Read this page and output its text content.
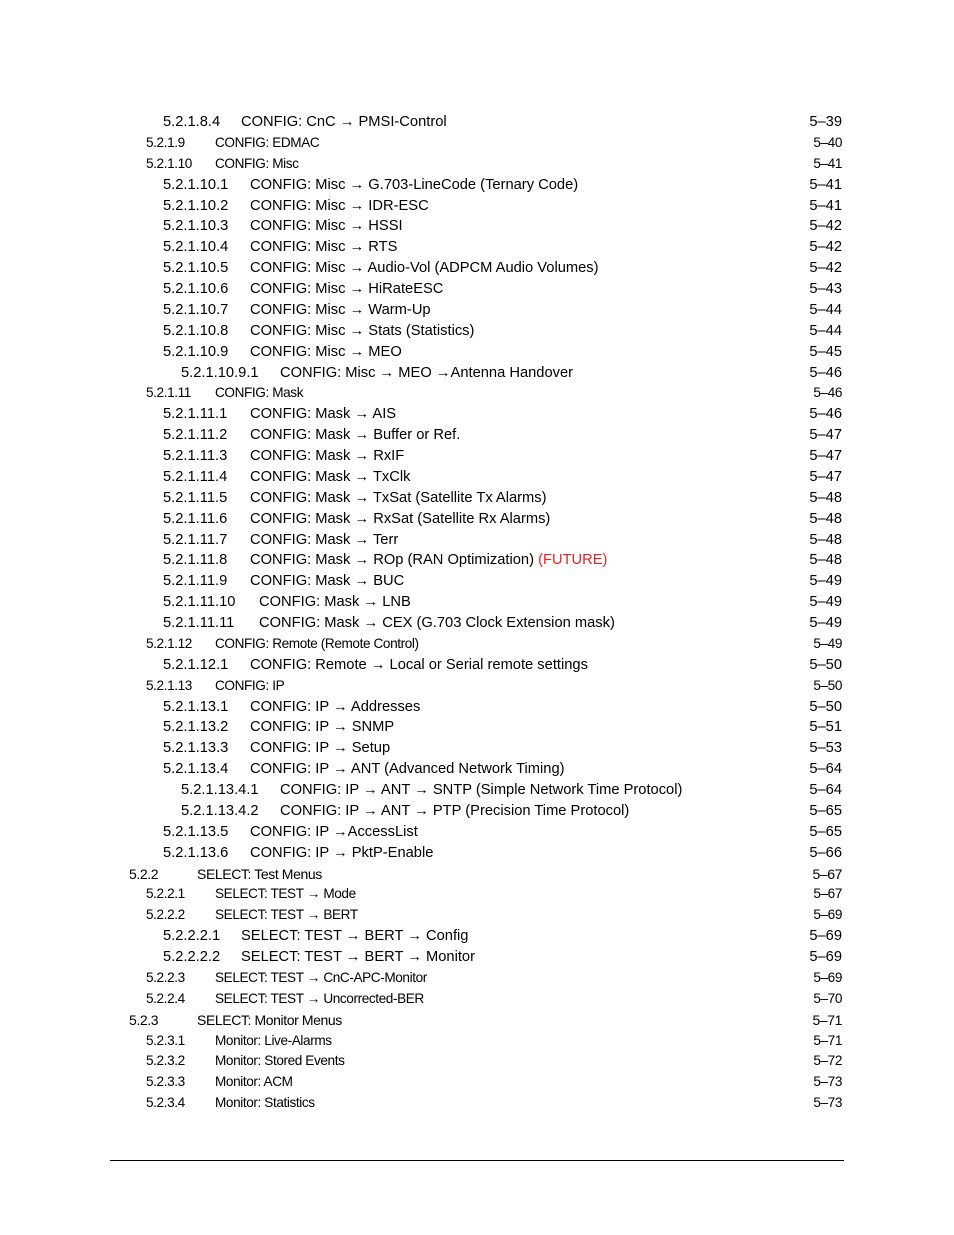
5.2.1.8.4 CONFIG: CnC → PMSI-Control	5–39
5.2.1.9 CONFIG: EDMAC	5–40
5.2.1.10 CONFIG: Misc	5–41
5.2.1.10.1 CONFIG: Misc → G.703-LineCode (Ternary Code)	5–41
5.2.1.10.2 CONFIG: Misc → IDR-ESC	5–41
5.2.1.10.3 CONFIG: Misc → HSSI	5–42
5.2.1.10.4 CONFIG: Misc → RTS	5–42
5.2.1.10.5 CONFIG: Misc → Audio-Vol (ADPCM Audio Volumes)	5–42
5.2.1.10.6 CONFIG: Misc → HiRateESC	5–43
5.2.1.10.7 CONFIG: Misc → Warm-Up	5–44
5.2.1.10.8 CONFIG: Misc → Stats (Statistics)	5–44
5.2.1.10.9 CONFIG: Misc → MEO	5–45
5.2.1.10.9.1 CONFIG: Misc → MEO →Antenna Handover	5–46
5.2.1.11 CONFIG: Mask	5–46
5.2.1.11.1 CONFIG: Mask → AIS	5–46
5.2.1.11.2 CONFIG: Mask → Buffer or Ref.	5–47
5.2.1.11.3 CONFIG: Mask → RxIF	5–47
5.2.1.11.4 CONFIG: Mask → TxClk	5–47
5.2.1.11.5 CONFIG: Mask → TxSat (Satellite Tx Alarms)	5–48
5.2.1.11.6 CONFIG: Mask → RxSat (Satellite Rx Alarms)	5–48
5.2.1.11.7 CONFIG: Mask → Terr	5–48
5.2.1.11.8 CONFIG: Mask → ROp (RAN Optimization) (FUTURE)	5–48
5.2.1.11.9 CONFIG: Mask → BUC	5–49
5.2.1.11.10 CONFIG: Mask → LNB	5–49
5.2.1.11.11 CONFIG: Mask → CEX (G.703 Clock Extension mask)	5–49
5.2.1.12 CONFIG: Remote (Remote Control)	5–49
5.2.1.12.1 CONFIG: Remote → Local or Serial remote settings	5–50
5.2.1.13 CONFIG: IP	5–50
5.2.1.13.1 CONFIG: IP → Addresses	5–50
5.2.1.13.2 CONFIG: IP → SNMP	5–51
5.2.1.13.3 CONFIG: IP → Setup	5–53
5.2.1.13.4 CONFIG: IP → ANT (Advanced Network Timing)	5–64
5.2.1.13.4.1 CONFIG: IP → ANT → SNTP (Simple Network Time Protocol)	5–64
5.2.1.13.4.2 CONFIG: IP → ANT → PTP (Precision Time Protocol)	5–65
5.2.1.13.5 CONFIG: IP →AccessList	5–65
5.2.1.13.6 CONFIG: IP → PktP-Enable	5–66
5.2.2	SELECT: Test Menus	5–67
5.2.2.1 SELECT: TEST → Mode	5–67
5.2.2.2 SELECT: TEST → BERT	5–69
5.2.2.2.1 SELECT: TEST → BERT → Config	5–69
5.2.2.2.2 SELECT: TEST → BERT → Monitor	5–69
5.2.2.3 SELECT: TEST → CnC-APC-Monitor	5–69
5.2.2.4 SELECT: TEST → Uncorrected-BER	5–70
5.2.3	SELECT: Monitor Menus	5–71
5.2.3.1 Monitor: Live-Alarms	5–71
5.2.3.2 Monitor: Stored Events	5–72
5.2.3.3 Monitor: ACM	5–73
5.2.3.4 Monitor: Statistics	5–73
